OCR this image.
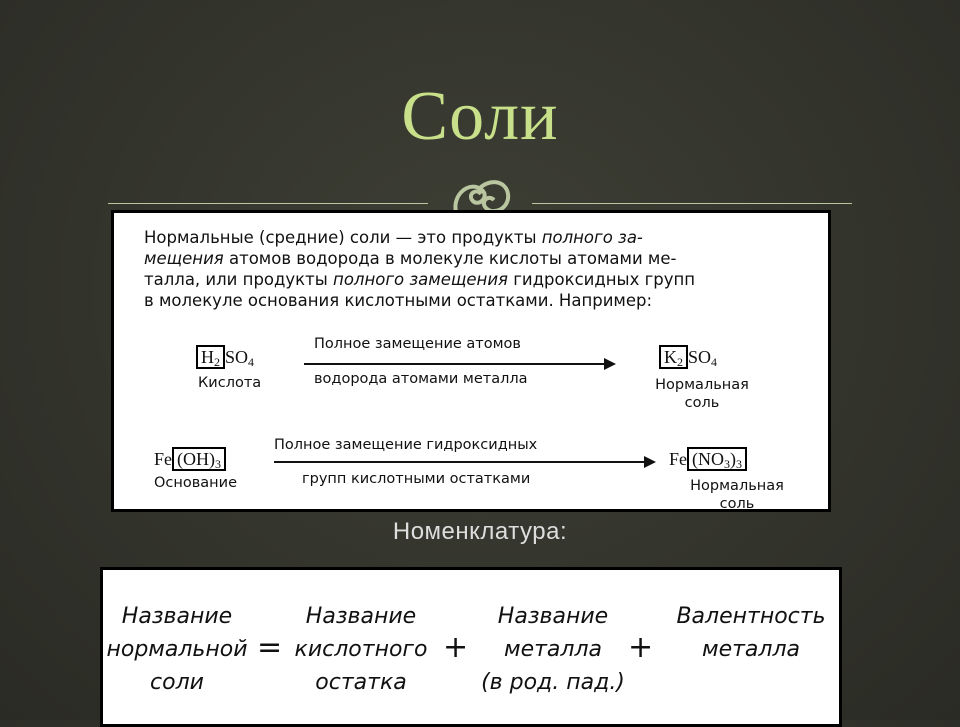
Соли
Нормальные (средние) соли — это продукты полного за-
мещения атомов водорода в молекуле кислоты атомами ме-
талла, или продукты полного замещения гидроксидных групп
в молекуле основания кислотными остатками. Например:
$H_2$ $SO_4$
Кислота
Полное замещение атомов
водорода атомами металла
$K_2$ $SO_4$
Нормальная
соль
Fe $(OH)_3$
Основание
Полное замещение гидроксидных
групп кислотными остатками
Fe $(NO_3)_3$
Нормальная
соль
Номенклатура:
Название
нормальной
соли
=
Название
кислотного
остатка
+
Название
металла
(в род. пад.)
+
Валентность
металла
